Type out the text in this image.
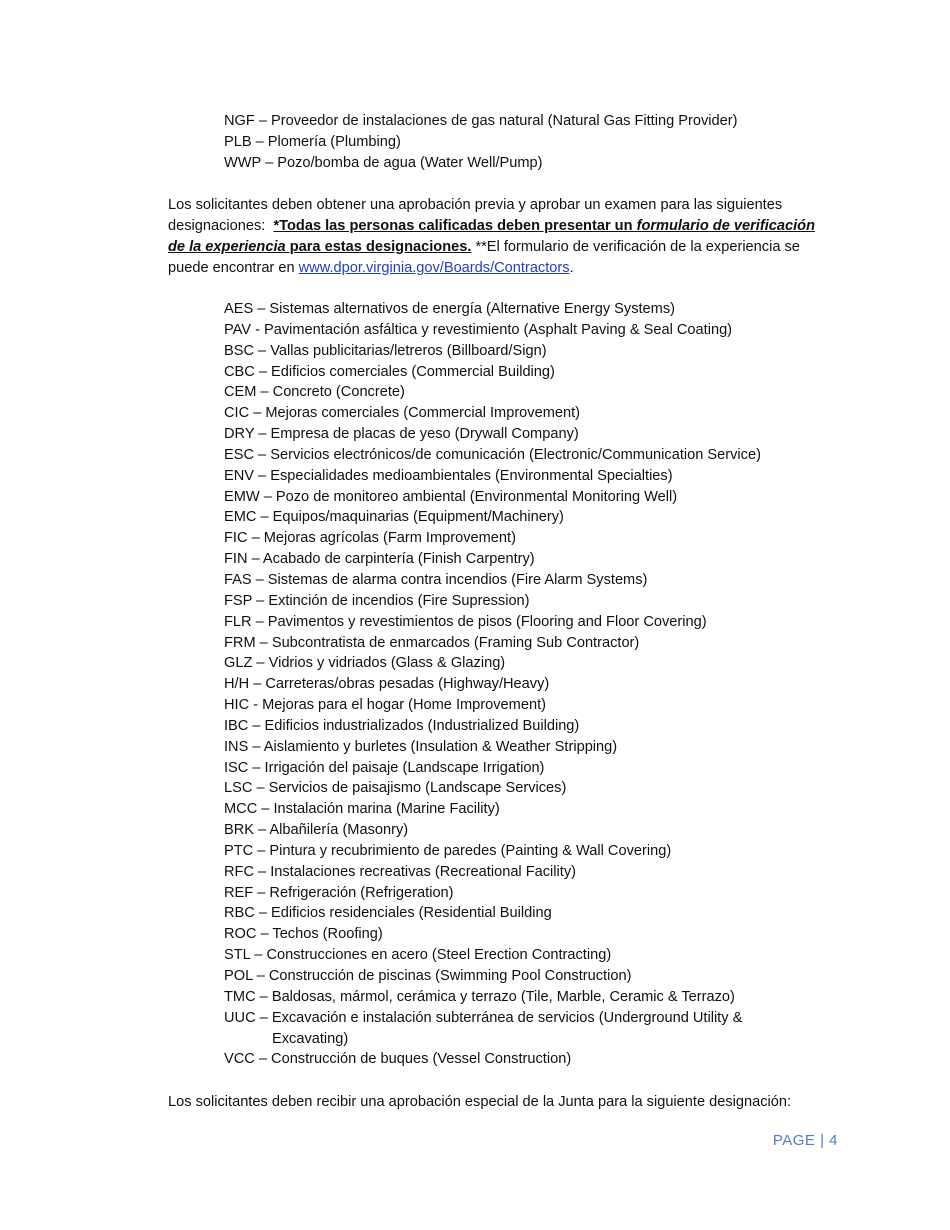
NGF – Proveedor de instalaciones de gas natural (Natural Gas Fitting Provider)
PLB – Plomería (Plumbing)
WWP – Pozo/bomba de agua (Water Well/Pump)

Los solicitantes deben obtener una aprobación previa y aprobar un examen para las siguientes designaciones: *Todas las personas calificadas deben presentar un formulario de verificación de la experiencia para estas designaciones. **El formulario de verificación de la experiencia se puede encontrar en www.dpor.virginia.gov/Boards/Contractors.

AES – Sistemas alternativos de energía (Alternative Energy Systems)
PAV - Pavimentación asfáltica y revestimiento (Asphalt Paving & Seal Coating)
BSC – Vallas publicitarias/letreros (Billboard/Sign)
CBC – Edificios comerciales (Commercial Building)
CEM – Concreto (Concrete)
CIC – Mejoras comerciales (Commercial Improvement)
DRY – Empresa de placas de yeso (Drywall Company)
ESC – Servicios electrónicos/de comunicación (Electronic/Communication Service)
ENV – Especialidades medioambientales (Environmental Specialties)
EMW – Pozo de monitoreo ambiental (Environmental Monitoring Well)
EMC – Equipos/maquinarias (Equipment/Machinery)
FIC – Mejoras agrícolas (Farm Improvement)
FIN – Acabado de carpintería (Finish Carpentry)
FAS – Sistemas de alarma contra incendios (Fire Alarm Systems)
FSP – Extinción de incendios (Fire Supression)
FLR – Pavimentos y revestimientos de pisos (Flooring and Floor Covering)
FRM – Subcontratista de enmarcados (Framing Sub Contractor)
GLZ – Vidrios y vidriados (Glass & Glazing)
H/H – Carreteras/obras pesadas (Highway/Heavy)
HIC - Mejoras para el hogar (Home Improvement)
IBC – Edificios industrializados (Industrialized Building)
INS – Aislamiento y burletes (Insulation & Weather Stripping)
ISC – Irrigación del paisaje (Landscape Irrigation)
LSC – Servicios de paisajismo (Landscape Services)
MCC – Instalación marina (Marine Facility)
BRK – Albañilería (Masonry)
PTC – Pintura y recubrimiento de paredes (Painting & Wall Covering)
RFC – Instalaciones recreativas (Recreational Facility)
REF – Refrigeración (Refrigeration)
RBC – Edificios residenciales (Residential Building
ROC – Techos (Roofing)
STL – Construcciones en acero (Steel Erection Contracting)
POL – Construcción de piscinas (Swimming Pool Construction)
TMC – Baldosas, mármol, cerámica y terrazo (Tile, Marble, Ceramic & Terrazo)
UUC – Excavación e instalación subterránea de servicios (Underground Utility &
Excavating)
VCC – Construcción de buques (Vessel Construction)

Los solicitantes deben recibir una aprobación especial de la Junta para la siguiente designación:

PAGE | 4
